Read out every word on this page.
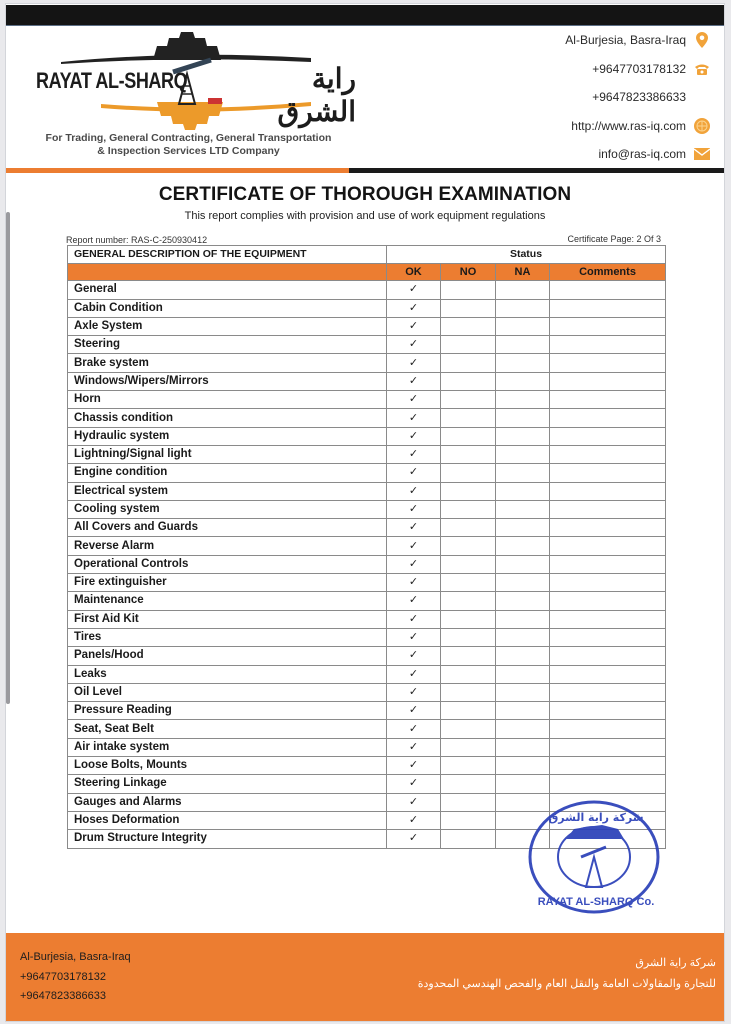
RAYAT AL-SHARQ	راية الشرق
For Trading, General Contracting, General Transportation
& Inspection Services LTD Company
Al-Burjesia, Basra-Iraq
+9647703178132
+9647823386633
http://www.ras-iq.com
info@ras-iq.com
CERTIFICATE OF THOROUGH EXAMINATION
This report complies with provision and use of work equipment regulations
Report number: RAS-C-250930412	Certificate Page: 2 Of 3
GENERAL DESCRIPTION OF THE EQUIPMENT	Status			
	OK	NO	NA	Comments
General	✓			
Cabin Condition	✓			
Axle System	✓			
Steering	✓			
Brake system	✓			
Windows/Wipers/Mirrors	✓			
Horn	✓			
Chassis condition	✓			
Hydraulic system	✓			
Lightning/Signal light	✓			
Engine condition	✓			
Electrical system	✓			
Cooling system	✓			
All Covers and Guards	✓			
Reverse Alarm	✓			
Operational Controls	✓			
Fire extinguisher	✓			
Maintenance	✓			
First Aid Kit	✓			
Tires	✓			
Panels/Hood	✓			
Leaks	✓			
Oil Level	✓			
Pressure Reading	✓			
Seat, Seat Belt	✓			
Air intake system	✓			
Loose Bolts, Mounts	✓			
Steering Linkage	✓			
Gauges and Alarms	✓			
Hoses Deformation	✓			
Drum Structure Integrity	✓			
شركة راية الشرق
RAYAT AL-SHARQ Co.
Al-Burjesia, Basra-Iraq
+9647703178132
+9647823386633
شركة راية الشرق
للتجارة والمقاولات العامة والنقل العام والفحص الهندسي المحدودة
